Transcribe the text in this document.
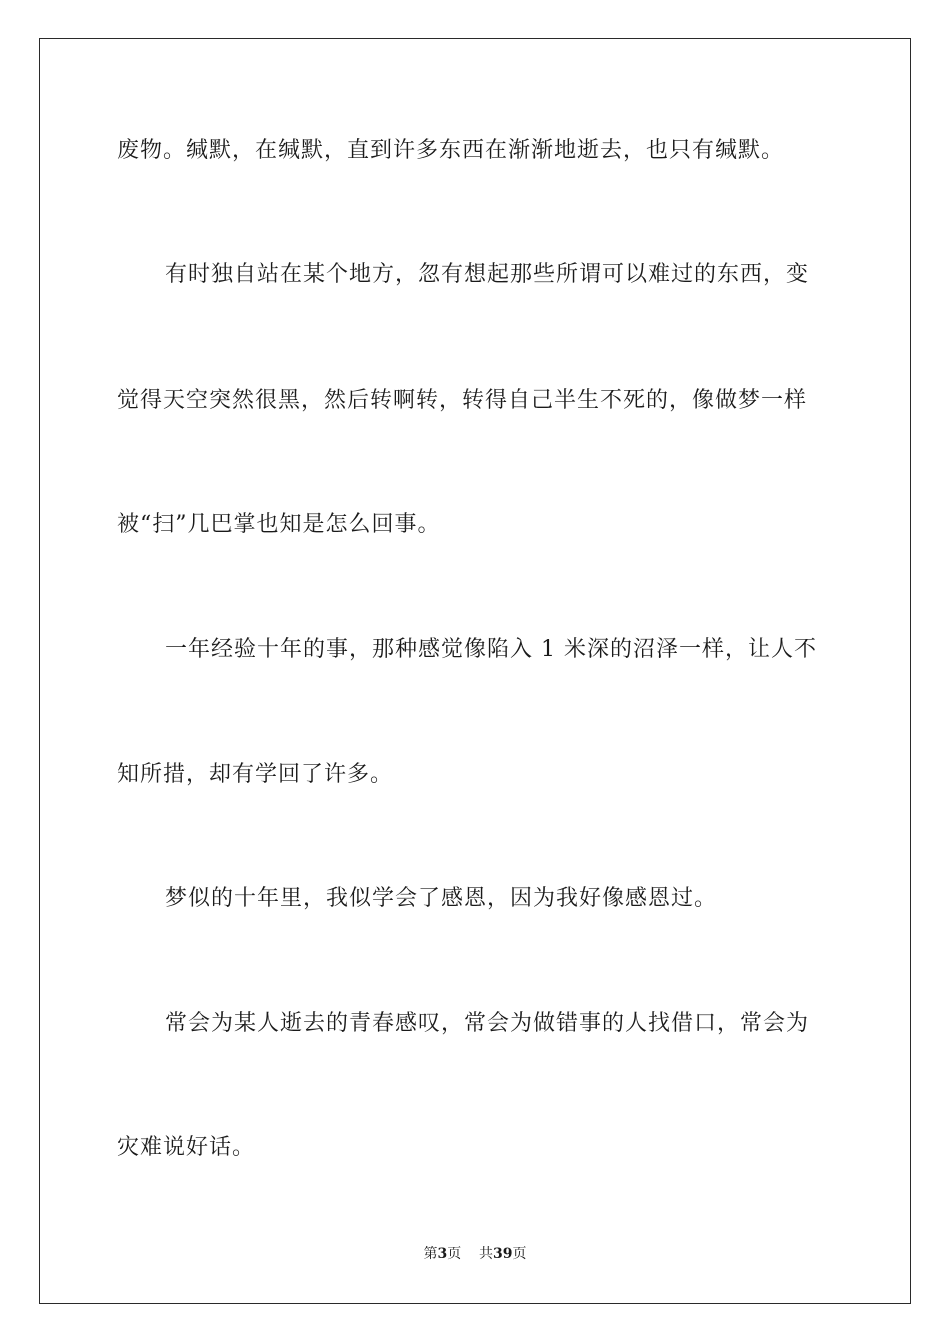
废物。缄默，在缄默，直到许多东西在渐渐地逝去，也只有缄默。
有时独自站在某个地方，忽有想起那些所谓可以难过的东西，变
觉得天空突然很黑，然后转啊转，转得自己半生不死的，像做梦一样
被“扫”几巴掌也知是怎么回事。
一年经验十年的事，那种感觉像陷入 1 米深的沼泽一样，让人不
知所措，却有学回了许多。
梦似的十年里，我似学会了感恩，因为我好像感恩过。
常会为某人逝去的青春感叹，常会为做错事的人找借口，常会为
灾难说好话。
第3页    共39页
